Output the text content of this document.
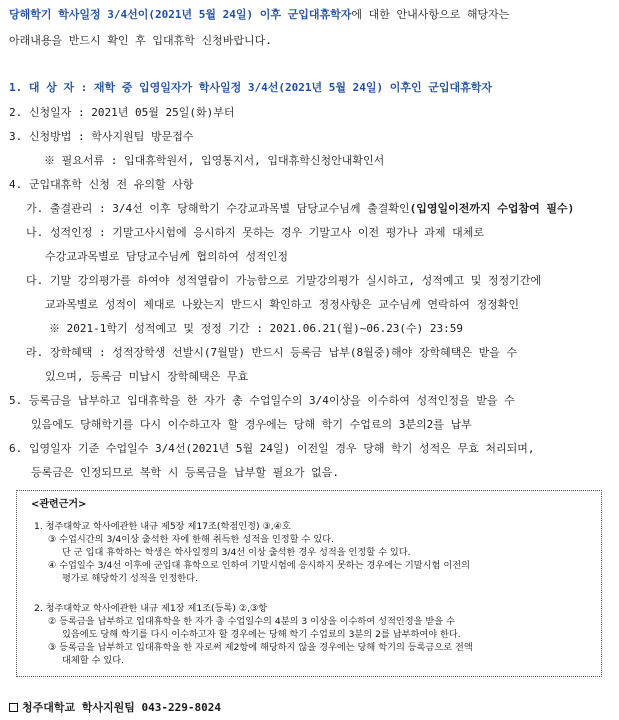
당해학기 학사일정 3/4선이(2021년 5월 24일) 이후 군입대휴학자에 대한 안내사항으로 해당자는
아래내용을 반드시 확인 후 입대휴학 신청바랍니다.
1. 대 상 자 : 재학 중 입영일자가 학사일정 3/4선(2021년 5월 24일) 이후인 군입대휴학자
2. 신청일자 : 2021년 05월 25일(화)부터
3. 신청방법 : 학사지원팀 방문접수
※ 필요서류 : 입대휴학원서, 입영통지서, 입대휴학신청안내확인서
4. 군입대휴학 신청 전 유의할 사항
가. 출결관리 : 3/4선 이후 당해학기 수강교과목별 담당교수님께 출결확인(입영일이전까지 수업참여 필수)
나. 성적인정 : 기말고사시험에 응시하지 못하는 경우 기말고사 이전 평가나 과제 대체로
수강교과목별로 담당교수님께 협의하여 성적인정
다. 기말 강의평가를 하여야 성적열람이 가능함으로 기말강의평가 실시하고, 성적예고 및 정정기간에
교과목별로 성적이 제대로 나왔는지 반드시 확인하고 정정사항은 교수님께 연락하여 정정확인
※ 2021-1학기 성적예고 및 정정 기간 : 2021.06.21(월)~06.23(수) 23:59
라. 장학혜택 : 성적장학생 선발시(7월말) 반드시 등록금 납부(8월중)해야 장학혜택은 받을 수
있으며, 등록금 미납시 장학혜택은 무효
5. 등록금을 납부하고 입대휴학을 한 자가 총 수업일수의 3/4이상을 이수하여 성적인정을 받을 수
있음에도 당해학기를 다시 이수하고자 할 경우에는 당해 학기 수업료의 3분의2를 납부
6. 입영일자 기준 수업일수 3/4선(2021년 5월 24일) 이전일 경우 당해 학기 성적은 무효 처리되며,
등록금은 인정되므로 복학 시 등록금을 납부할 필요가 없음.
<관련근거>
1. 청주대학교 학사에관한 내규 제5장 제17조(학점인정) ③,④호
③ 수업시간의 3/4이상 출석한 자에 한해 취득한 성적을 인정할 수 있다.
단 군 입대 휴학하는 학생은 학사일정의 3/4선 이상 출석한 경우 성적을 인정할 수 있다.
④ 수업일수 3/4선 이후에 군입대 휴학으로 인하여 기말시험에 응시하지 못하는 경우에는 기말시험 이전의
평가로 해당학기 성적을 인정한다.
2. 청주대학교 학사에관한 내규 제1장 제1조(등록) ②,③항
② 등록금을 납부하고 입대휴학을 한 자가 총 수업일수의 4분의 3 이상을 이수하여 성적인정을 받을 수
있음에도 당해 학기를 다시 이수하고자 할 경우에는 당해 학기 수업료의 3분의 2를 납부하여야 한다.
③ 등록금을 납부하고 입대휴학을 한 자로써 제2항에 해당하지 않을 경우에는 당해 학기의 등록금으로 전액
대체할 수 있다.
청주대학교 학사지원팀 043-229-8024
